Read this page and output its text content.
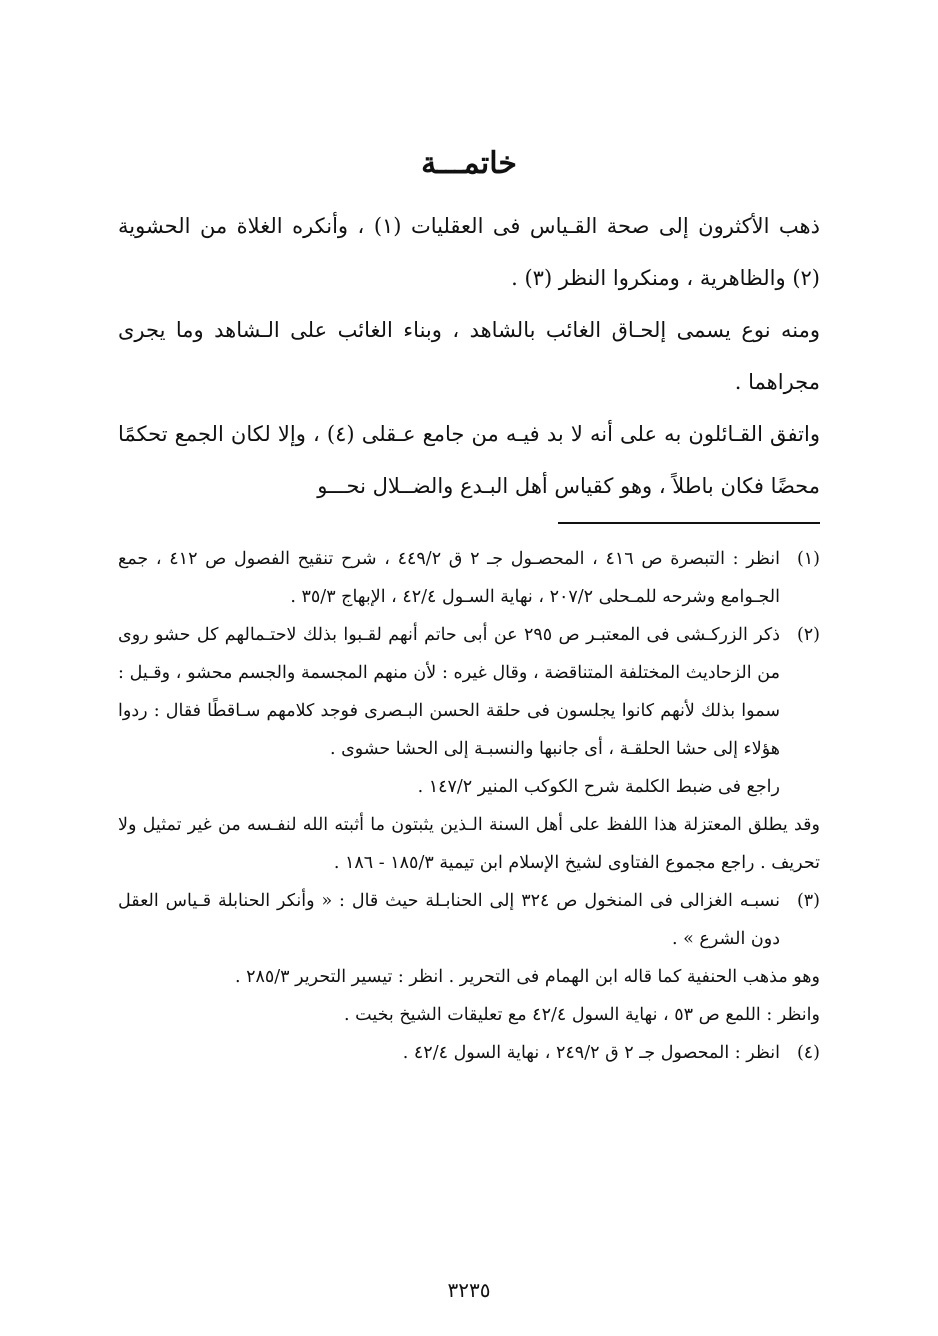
خاتمـــة
ذهب الأكثرون إلى صحة القـياس فى العقليات (١) ، وأنكره الغلاة من الحشوية (٢) والظاهرية ، ومنكروا النظر (٣) .
ومنه نوع يسمى إلحـاق الغائب بالشاهد ، وبناء الغائب على الـشاهد وما يجرى مجراهما .
واتفق القـائلون به على أنه لا بد فيـه من جامع عـقلى (٤) ، وإلا لكان الجمع تحكمًا محضًا فكان باطلاً ، وهو كقياس أهل البـدع والضــلال نحـــو
(١)
انظر : التبصرة ص ٤١٦ ، المحصـول جـ ٢ ق ٤٤٩/٢ ، شرح تنقيح الفصول ص ٤١٢ ، جمع الجـوامع وشرحه للمـحلى ٢٠٧/٢ ، نهاية السـول ٤٢/٤ ، الإبهاج ٣٥/٣ .
(٢)
ذكر الزركـشى فى المعتبـر ص ٢٩٥ عن أبى حاتم أنهم لقـبوا بذلك لاحتـمالهم كل حشو روى من الزحاديث المختلفة المتناقضة ، وقال غيره : لأن منهم المجسمة والجسم محشو ، وقـيل : سموا بذلك لأنهم كانوا يجلسون فى حلقة الحسن البـصرى فوجد كلامهم سـاقطًا فقال : ردوا هؤلاء إلى حشا الحلقـة ، أى جانبها والنسبـة إلى الحشا حشوى .
راجع فى ضبط الكلمة شرح الكوكب المنير ١٤٧/٢ .
وقد يطلق المعتزلة هذا اللفظ على أهل السنة الـذين يثبتون ما أثبته الله لنفـسه من غير تمثيل ولا تحريف . راجع مجموع الفتاوى لشيخ الإسلام ابن تيمية ١٨٥/٣ - ١٨٦ .
(٣)
نسبـه الغزالى فى المنخول ص ٣٢٤ إلى الحنابـلة حيث قال : « وأنكر الحنابلة قـياس العقل دون الشرع » .
وهو مذهب الحنفية كما قاله ابن الهمام فى التحرير . انظر : تيسير التحرير ٢٨٥/٣ .
وانظر : اللمع ص ٥٣ ، نهاية السول ٤٢/٤ مع تعليقات الشيخ بخيت .
(٤)
انظر : المحصول جـ ٢ ق ٢٤٩/٢ ، نهاية السول ٤٢/٤ .
٣٢٣٥
